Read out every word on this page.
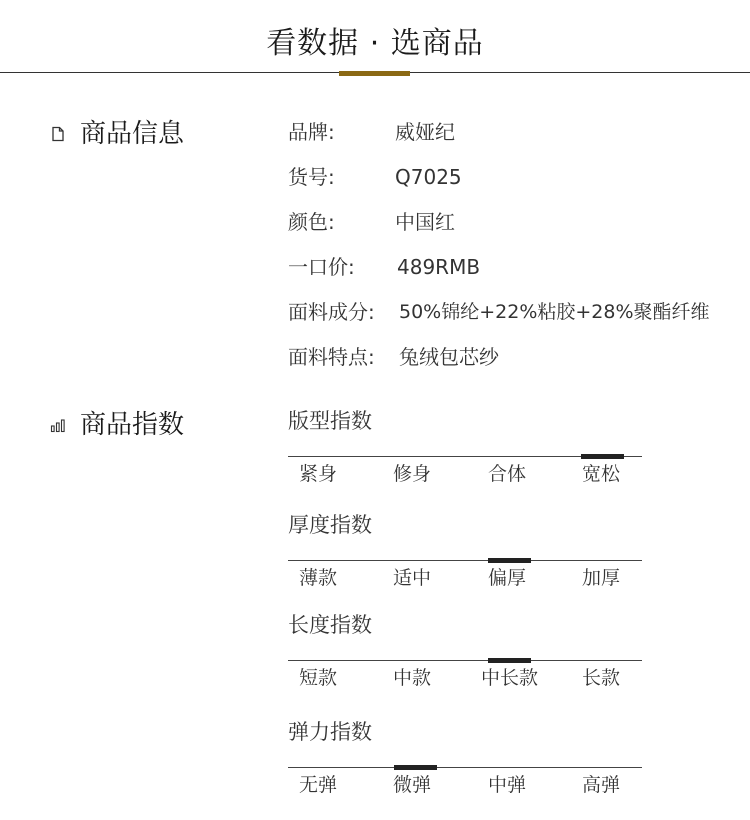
看数据 · 选商品
商品信息	品牌:	威娅纪
货号:	Q7025
颜色:	中国红
一口价: 489RMB
面料成分: 50%锦纶+22%粘胶+28%聚酯纤维
面料特点: 兔绒包芯纱
商品指数	版型指数
紧身	修身	合体	宽松
厚度指数
薄款	适中	偏厚	加厚
长度指数
短款	中款	中长款 长款
弹力指数
无弹	微弹	中弹	高弹
